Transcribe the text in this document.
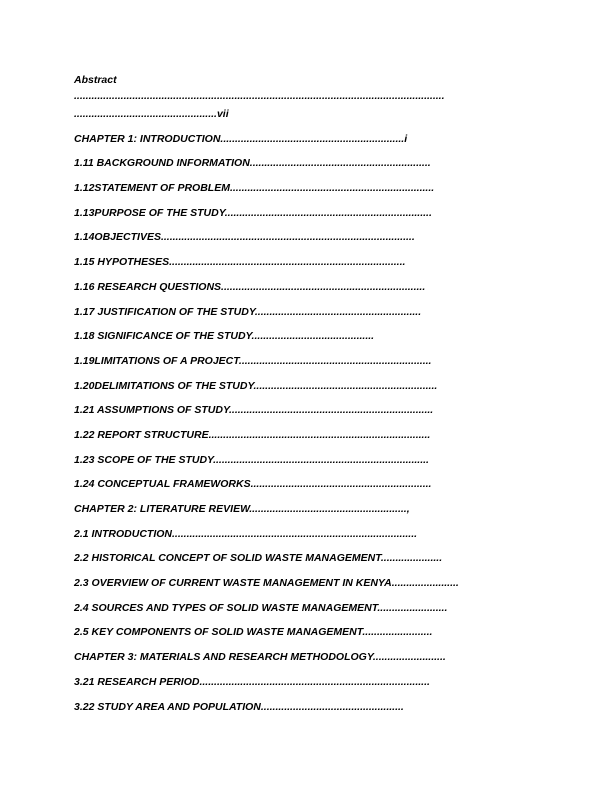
Abstract
...............................................................................................................................
.................................................vii
CHAPTER 1: INTRODUCTION...............................................................i
1.11 BACKGROUND INFORMATION..............................................................
1.12STATEMENT OF PROBLEM......................................................................
1.13PURPOSE OF THE STUDY.......................................................................
1.14OBJECTIVES.......................................................................................
1.15 HYPOTHESES.................................................................................
1.16 RESEARCH QUESTIONS......................................................................
1.17 JUSTIFICATION OF THE STUDY.........................................................
1.18 SIGNIFICANCE OF THE STUDY..........................................
1.19LIMITATIONS OF A PROJECT..................................................................
1.20DELIMITATIONS OF THE STUDY...............................................................
1.21 ASSUMPTIONS OF STUDY......................................................................
1.22 REPORT STRUCTURE............................................................................
1.23 SCOPE OF THE STUDY..........................................................................
1.24 CONCEPTUAL FRAMEWORKS..............................................................
CHAPTER 2: LITERATURE REVIEW......................................................,
2.1 INTRODUCTION....................................................................................
2.2 HISTORICAL CONCEPT OF SOLID WASTE MANAGEMENT.....................
2.3 OVERVIEW OF CURRENT WASTE MANAGEMENT IN KENYA.......................
2.4 SOURCES AND TYPES OF SOLID WASTE MANAGEMENT........................
2.5 KEY COMPONENTS OF SOLID WASTE MANAGEMENT........................
CHAPTER 3: MATERIALS AND RESEARCH METHODOLOGY.........................
3.21 RESEARCH PERIOD...............................................................................
3.22 STUDY AREA AND POPULATION.................................................
